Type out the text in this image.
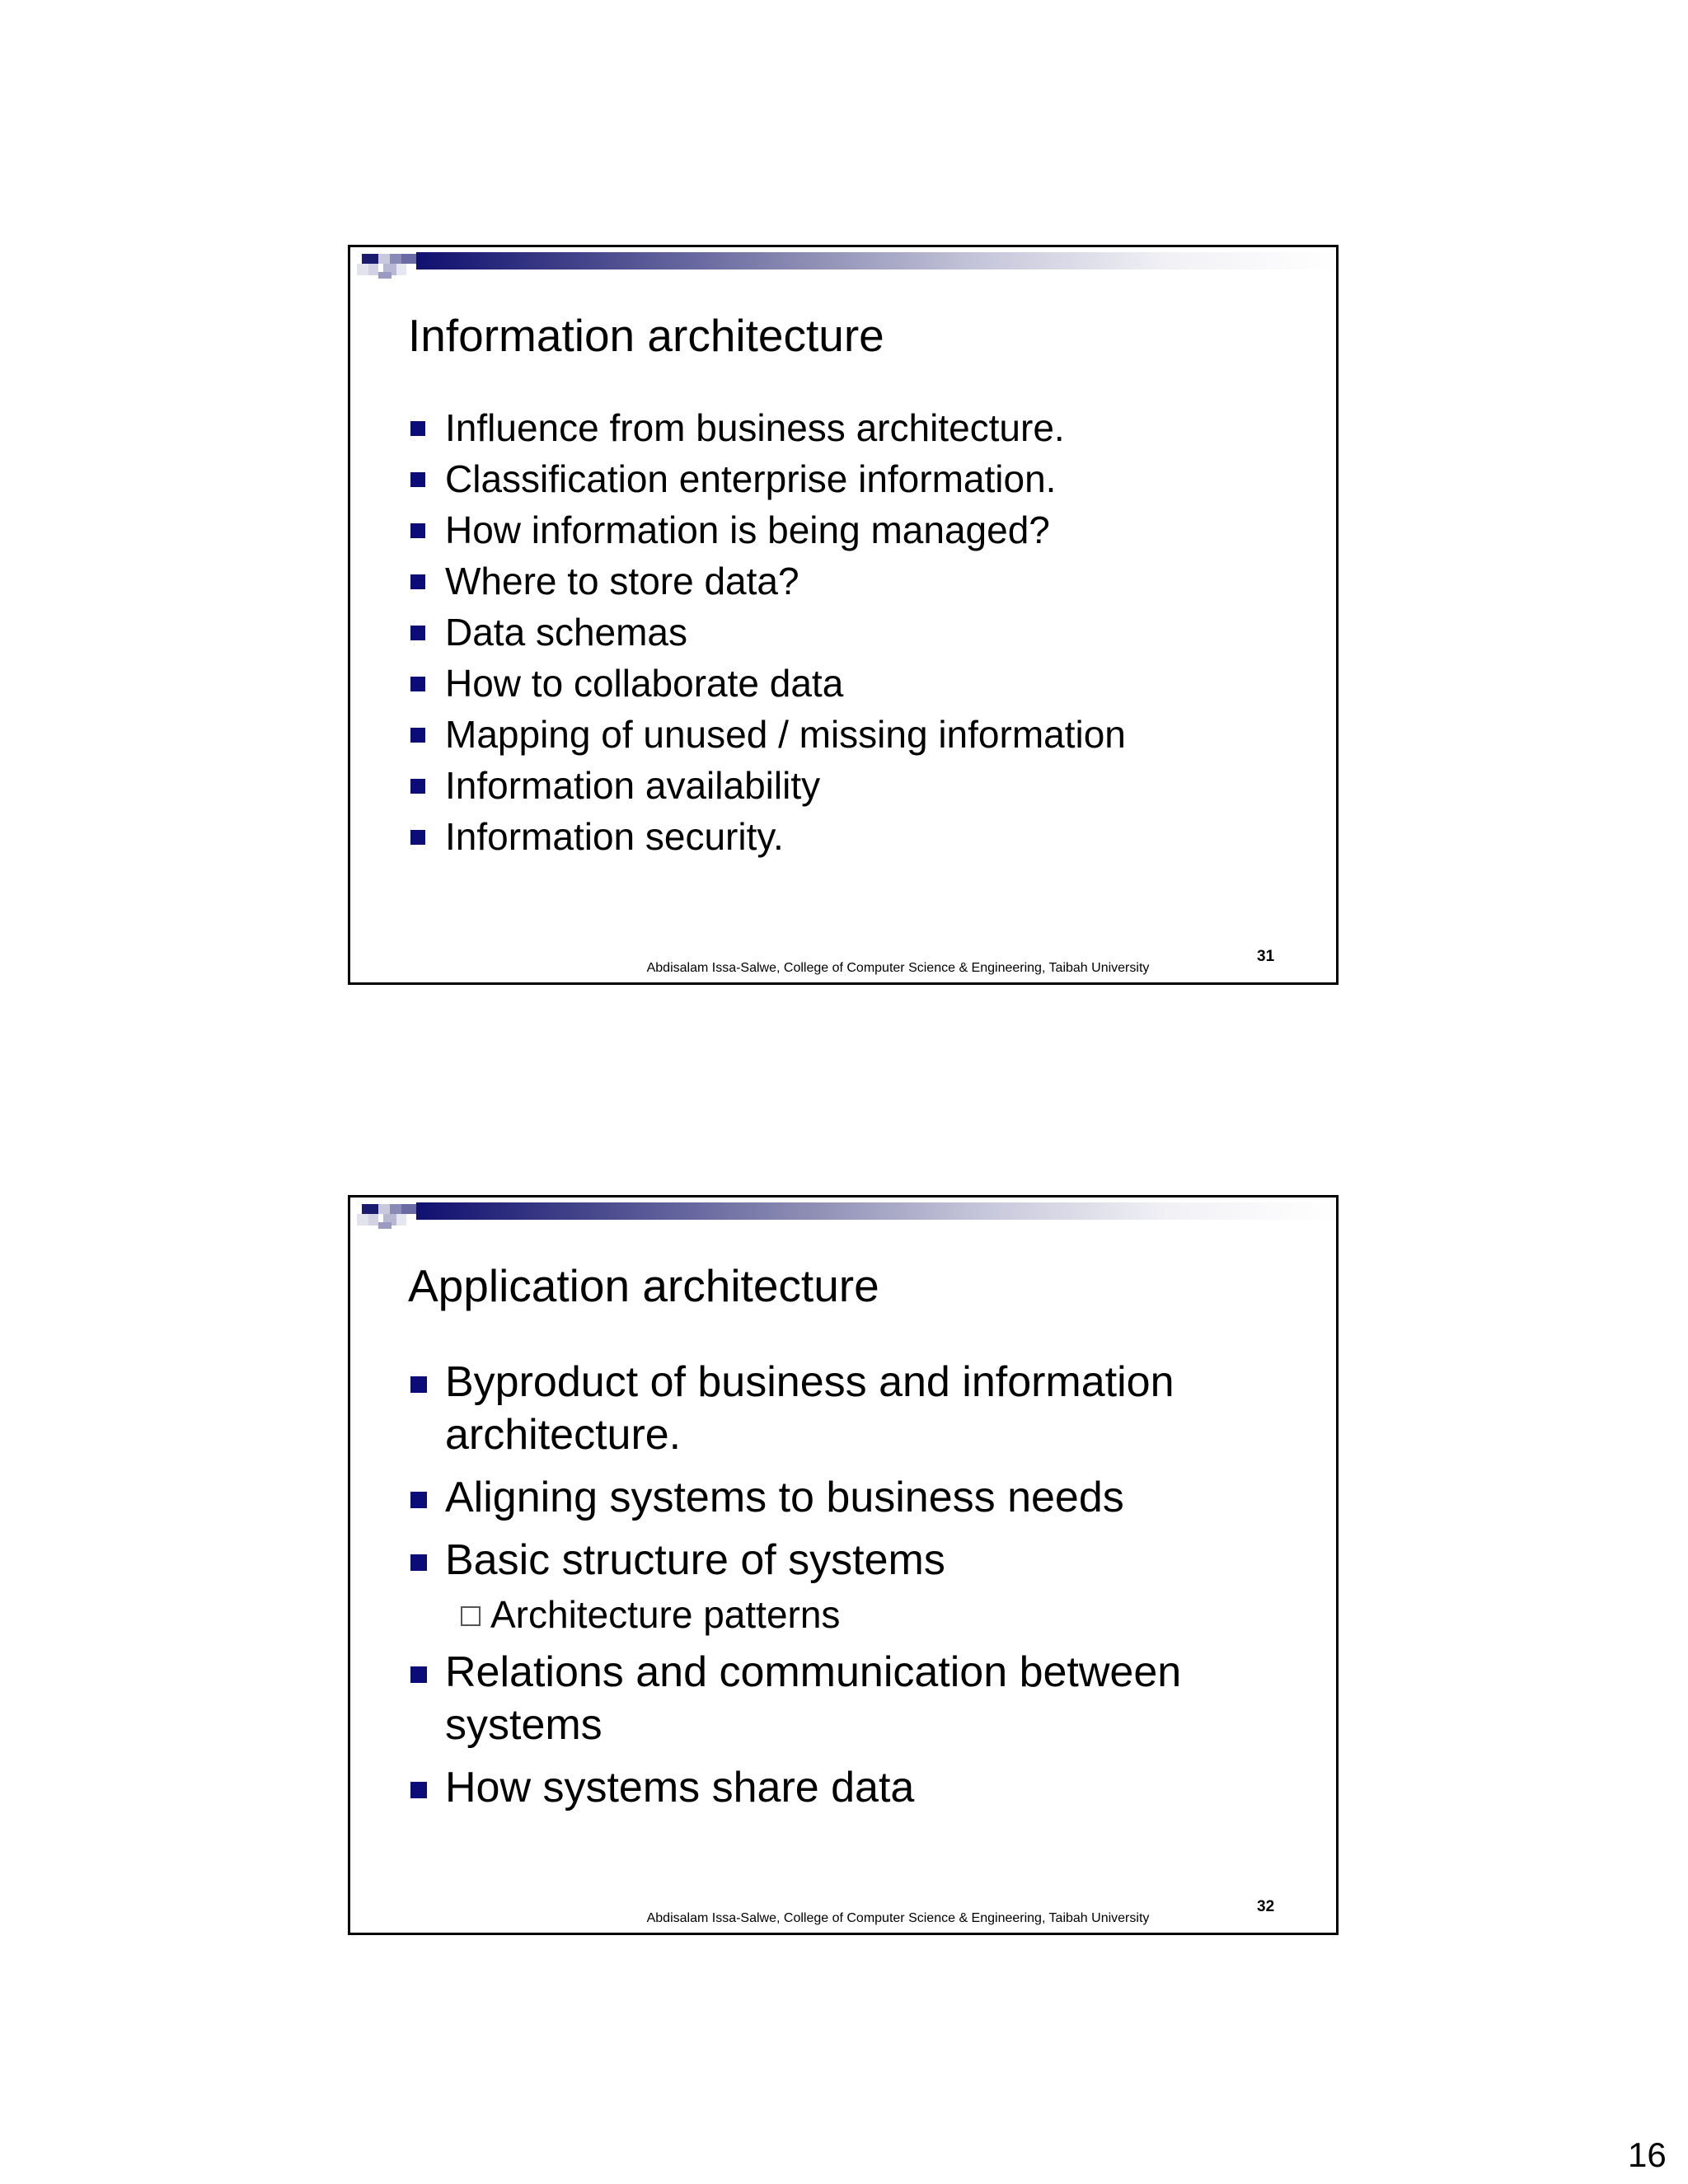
Information architecture
Influence from business architecture.
Classification enterprise information.
How information is being managed?
Where to store data?
Data schemas
How to collaborate data
Mapping of unused / missing information
Information availability
Information security.
Abdisalam Issa-Salwe, College of Computer Science & Engineering, Taibah University
31
Application architecture
Byproduct of business and information architecture.
Aligning systems to business needs
Basic structure of systems
Architecture patterns
Relations and communication between systems
How systems share data
Abdisalam Issa-Salwe, College of Computer Science & Engineering, Taibah University
32
16
